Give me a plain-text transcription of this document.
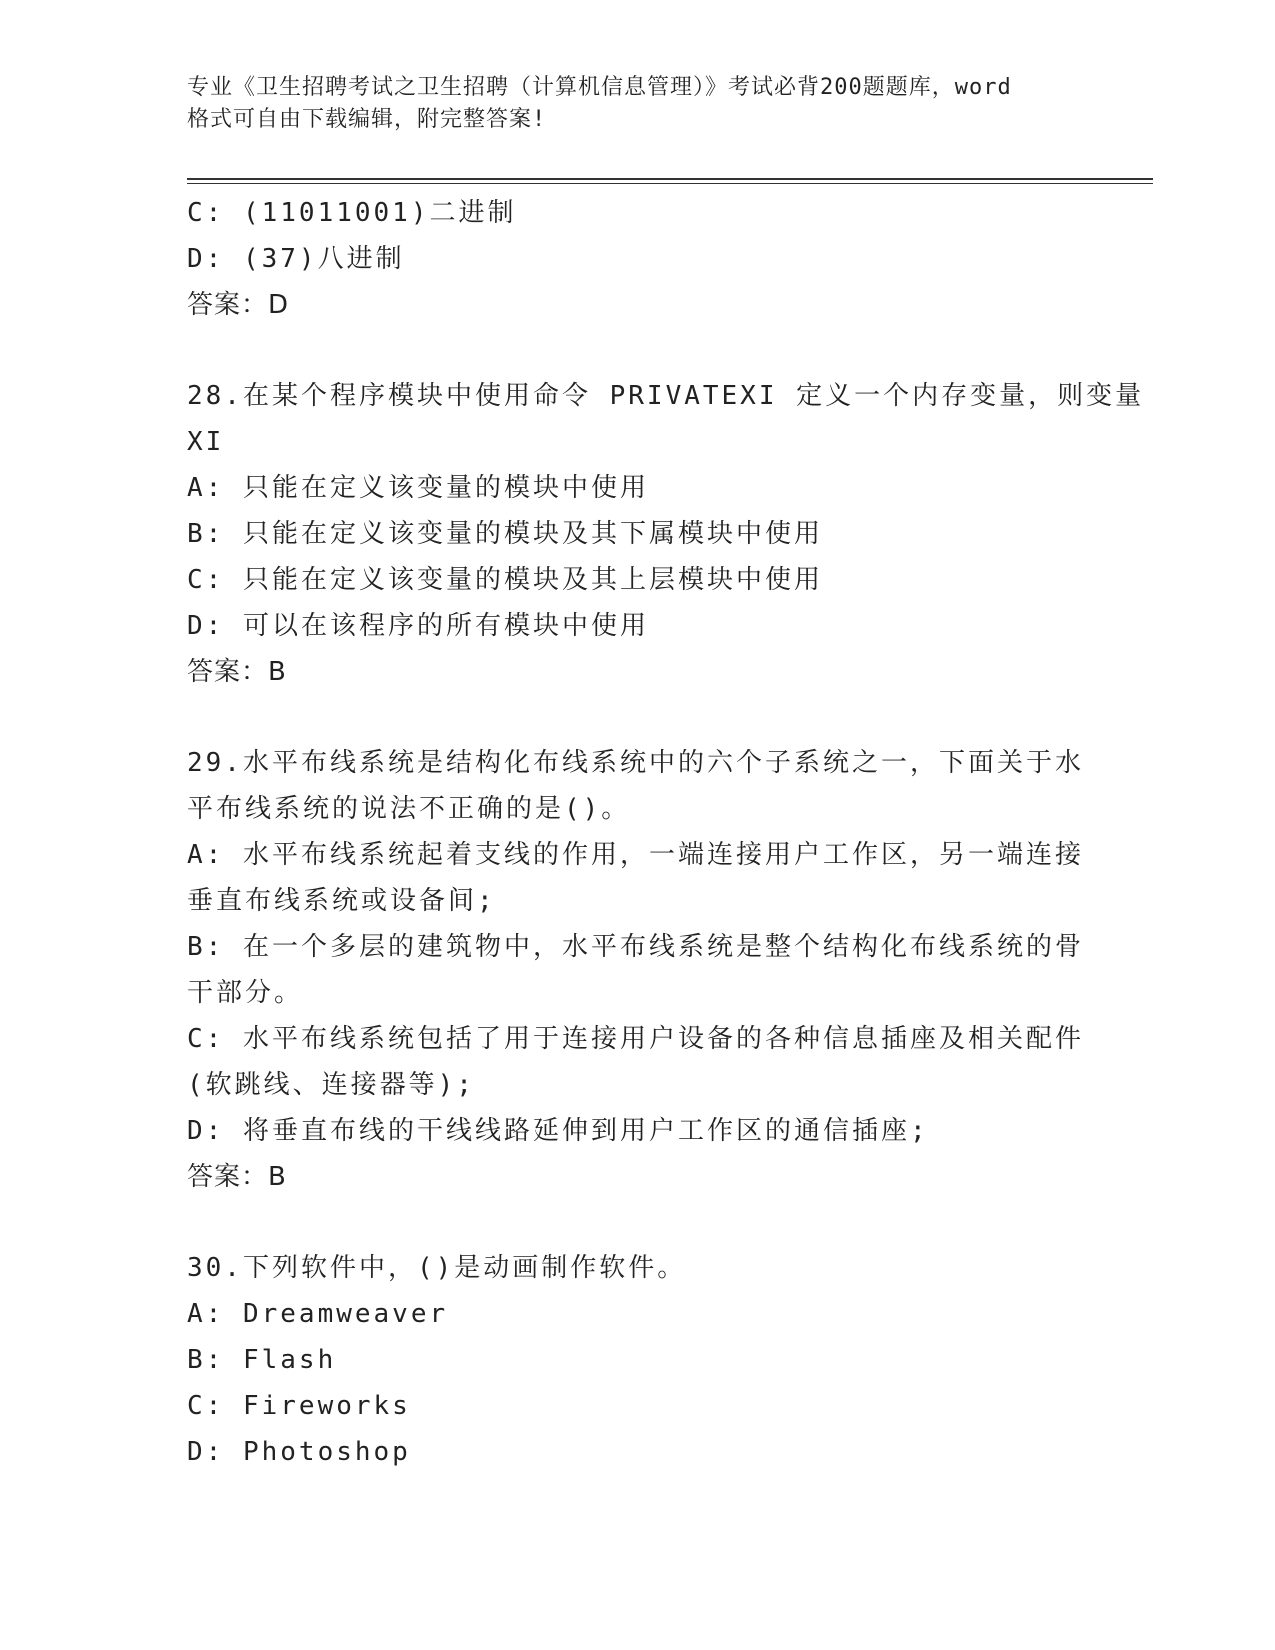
专业《卫生招聘考试之卫生招聘（计算机信息管理）》考试必背200题题库，word
格式可自由下载编辑，附完整答案!
C: (11011001)二进制
D: (37)八进制
答案：D
28.在某个程序模块中使用命令 PRIVATEXI 定义一个内存变量，则变量
XI
A: 只能在定义该变量的模块中使用
B: 只能在定义该变量的模块及其下属模块中使用
C: 只能在定义该变量的模块及其上层模块中使用
D: 可以在该程序的所有模块中使用
答案：B
29.水平布线系统是结构化布线系统中的六个子系统之一，下面关于水
平布线系统的说法不正确的是()。
A: 水平布线系统起着支线的作用，一端连接用户工作区，另一端连接
垂直布线系统或设备间;
B: 在一个多层的建筑物中，水平布线系统是整个结构化布线系统的骨
干部分。
C: 水平布线系统包括了用于连接用户设备的各种信息插座及相关配件
(软跳线、连接器等);
D: 将垂直布线的干线线路延伸到用户工作区的通信插座;
答案：B
30.下列软件中，()是动画制作软件。
A: Dreamweaver
B: Flash
C: Fireworks
D: Photoshop
